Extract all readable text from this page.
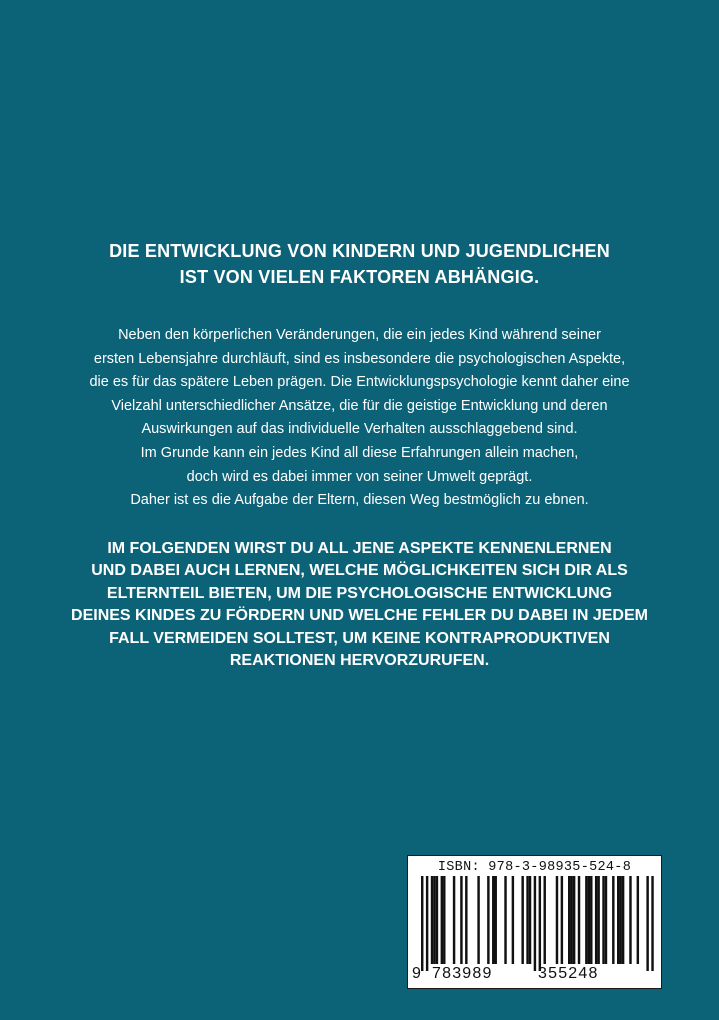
DIE ENTWICKLUNG VON KINDERN UND JUGENDLICHEN
IST VON VIELEN FAKTOREN ABHÄNGIG.
Neben den körperlichen Veränderungen, die ein jedes Kind während seiner
ersten Lebensjahre durchläuft, sind es insbesondere die psychologischen Aspekte,
die es für das spätere Leben prägen. Die Entwicklungspsychologie kennt daher eine
Vielzahl unterschiedlicher Ansätze, die für die geistige Entwicklung und deren
Auswirkungen auf das individuelle Verhalten ausschlaggebend sind.
Im Grunde kann ein jedes Kind all diese Erfahrungen allein machen,
doch wird es dabei immer von seiner Umwelt geprägt.
Daher ist es die Aufgabe der Eltern, diesen Weg bestmöglich zu ebnen.
IM FOLGENDEN WIRST DU ALL JENE ASPEKTE KENNENLERNEN
UND DABEI AUCH LERNEN, WELCHE MÖGLICHKEITEN SICH DIR ALS
ELTERNTEIL BIETEN, UM DIE PSYCHOLOGISCHE ENTWICKLUNG
DEINES KINDES ZU FÖRDERN UND WELCHE FEHLER DU DABEI IN JEDEM
FALL VERMEIDEN SOLLTEST, UM KEINE KONTRAPRODUKTIVEN
REAKTIONEN HERVORZURUFEN.
ISBN: 978-3-98935-524-8
9 783989	355248
